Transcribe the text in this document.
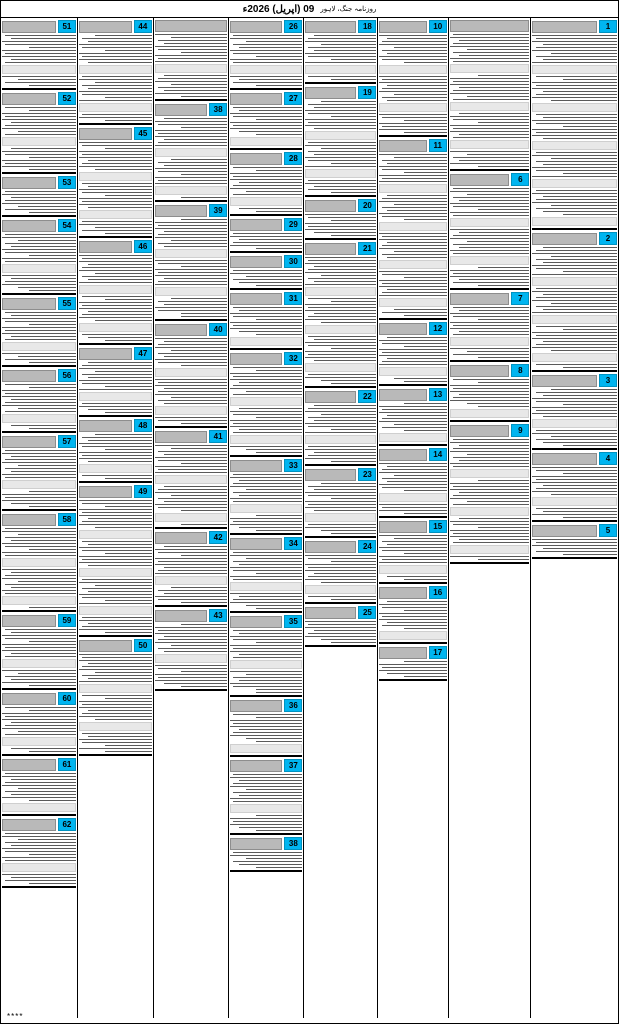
روزنامہ جنگ، لاہور
09 (اپریل) 2026ء
1
2
3
4
5
6
7
8
9
10
11
12
13
14
15
16
17
18
19
20
21
22
23
24
25
26
27
28
29
30
31
32
33
34
35
36
37
38
38
39
40
41
42
43
44
45
46
47
48
49
50
51
52
53
54
55
56
57
58
59
60
61
62
****
